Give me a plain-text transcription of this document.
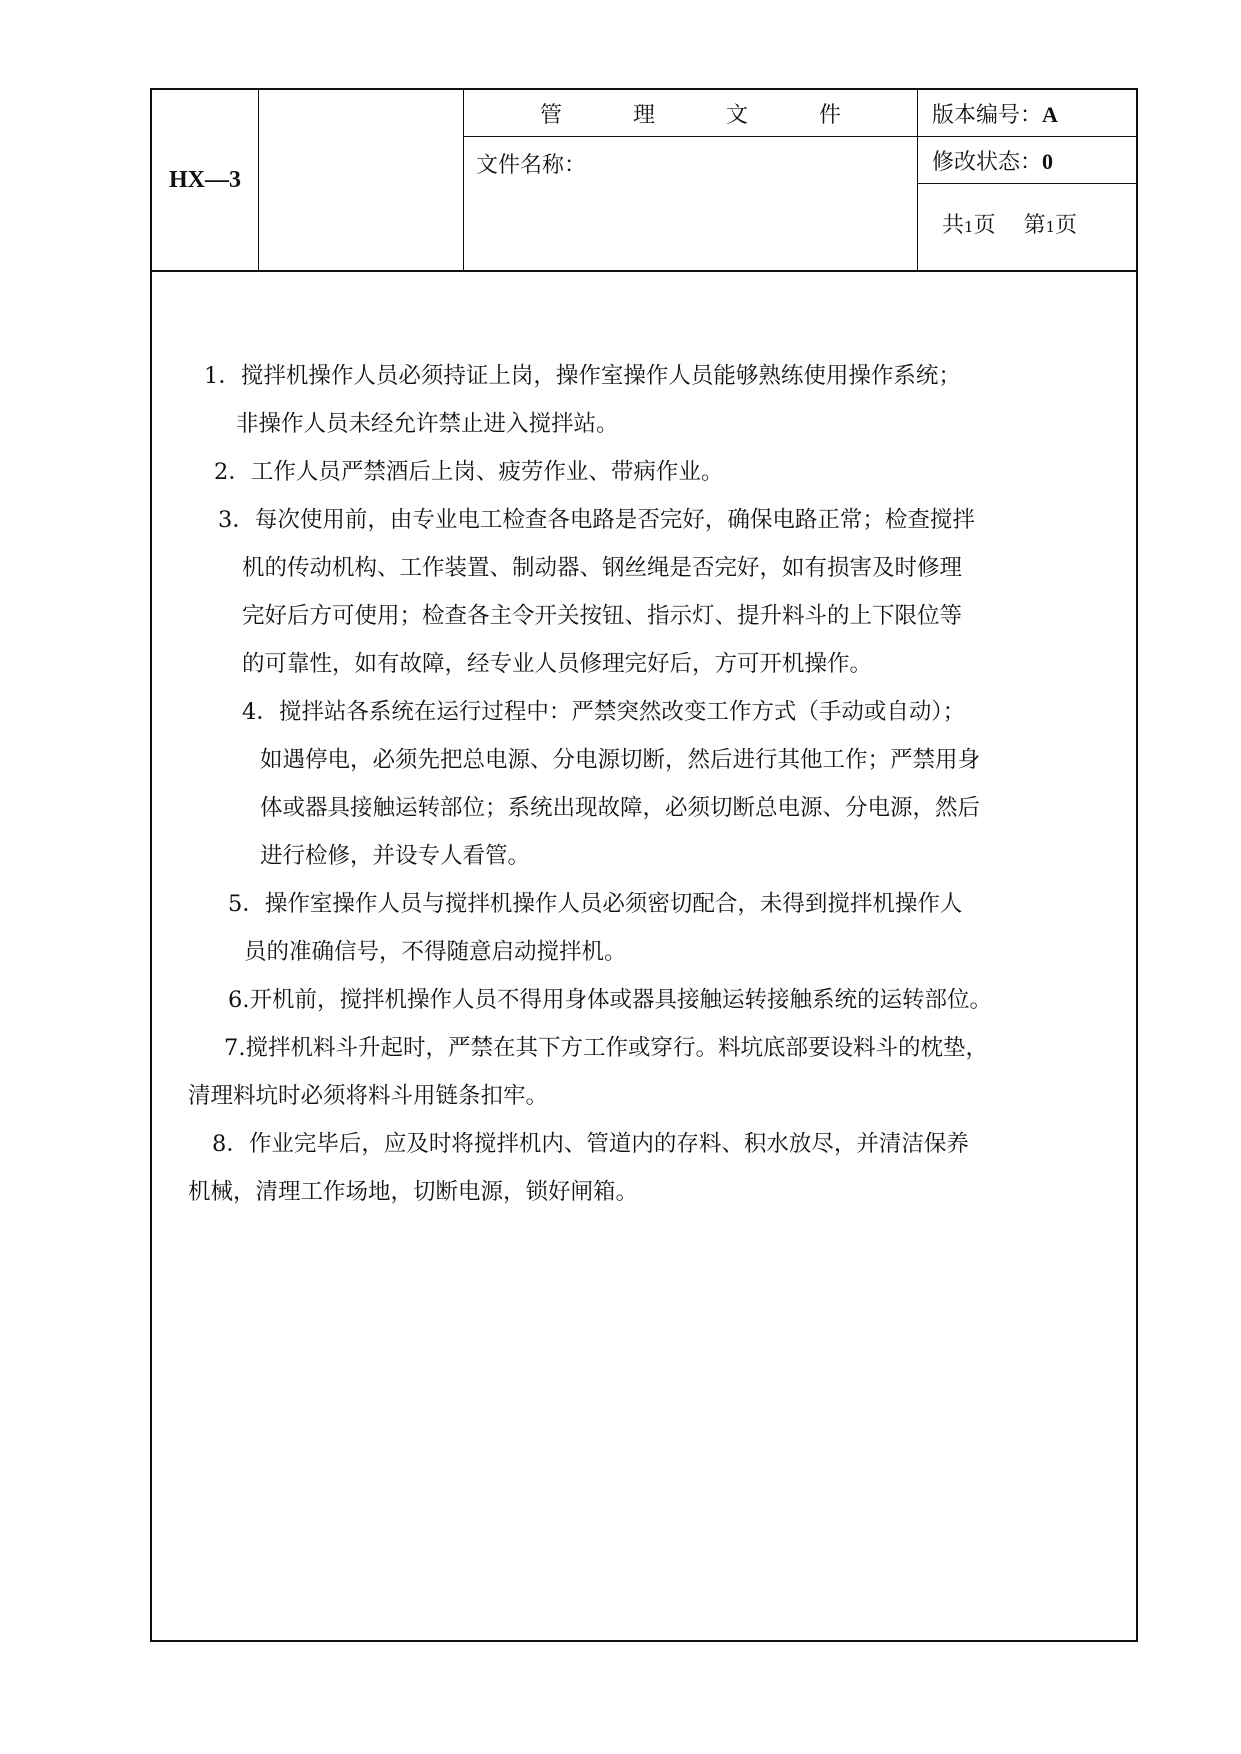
HX—3
管 理 文 件
文件名称：
版本编号：A
修改状态：0
共1页 第1页
1．搅拌机操作人员必须持证上岗，操作室操作人员能够熟练使用操作系统；
非操作人员未经允许禁止进入搅拌站。
2．工作人员严禁酒后上岗、疲劳作业、带病作业。
3．每次使用前，由专业电工检查各电路是否完好，确保电路正常；检查搅拌
机的传动机构、工作装置、制动器、钢丝绳是否完好，如有损害及时修理
完好后方可使用；检查各主令开关按钮、指示灯、提升料斗的上下限位等
的可靠性，如有故障，经专业人员修理完好后，方可开机操作。
4．搅拌站各系统在运行过程中：严禁突然改变工作方式（手动或自动）；
如遇停电，必须先把总电源、分电源切断，然后进行其他工作；严禁用身
体或器具接触运转部位；系统出现故障，必须切断总电源、分电源，然后
进行检修，并设专人看管。
5．操作室操作人员与搅拌机操作人员必须密切配合，未得到搅拌机操作人
员的准确信号，不得随意启动搅拌机。
6.开机前，搅拌机操作人员不得用身体或器具接触运转接触系统的运转部位。
7.搅拌机料斗升起时，严禁在其下方工作或穿行。料坑底部要设料斗的枕垫，
清理料坑时必须将料斗用链条扣牢。
8．作业完毕后，应及时将搅拌机内、管道内的存料、积水放尽，并清洁保养
机械，清理工作场地，切断电源，锁好闸箱。
